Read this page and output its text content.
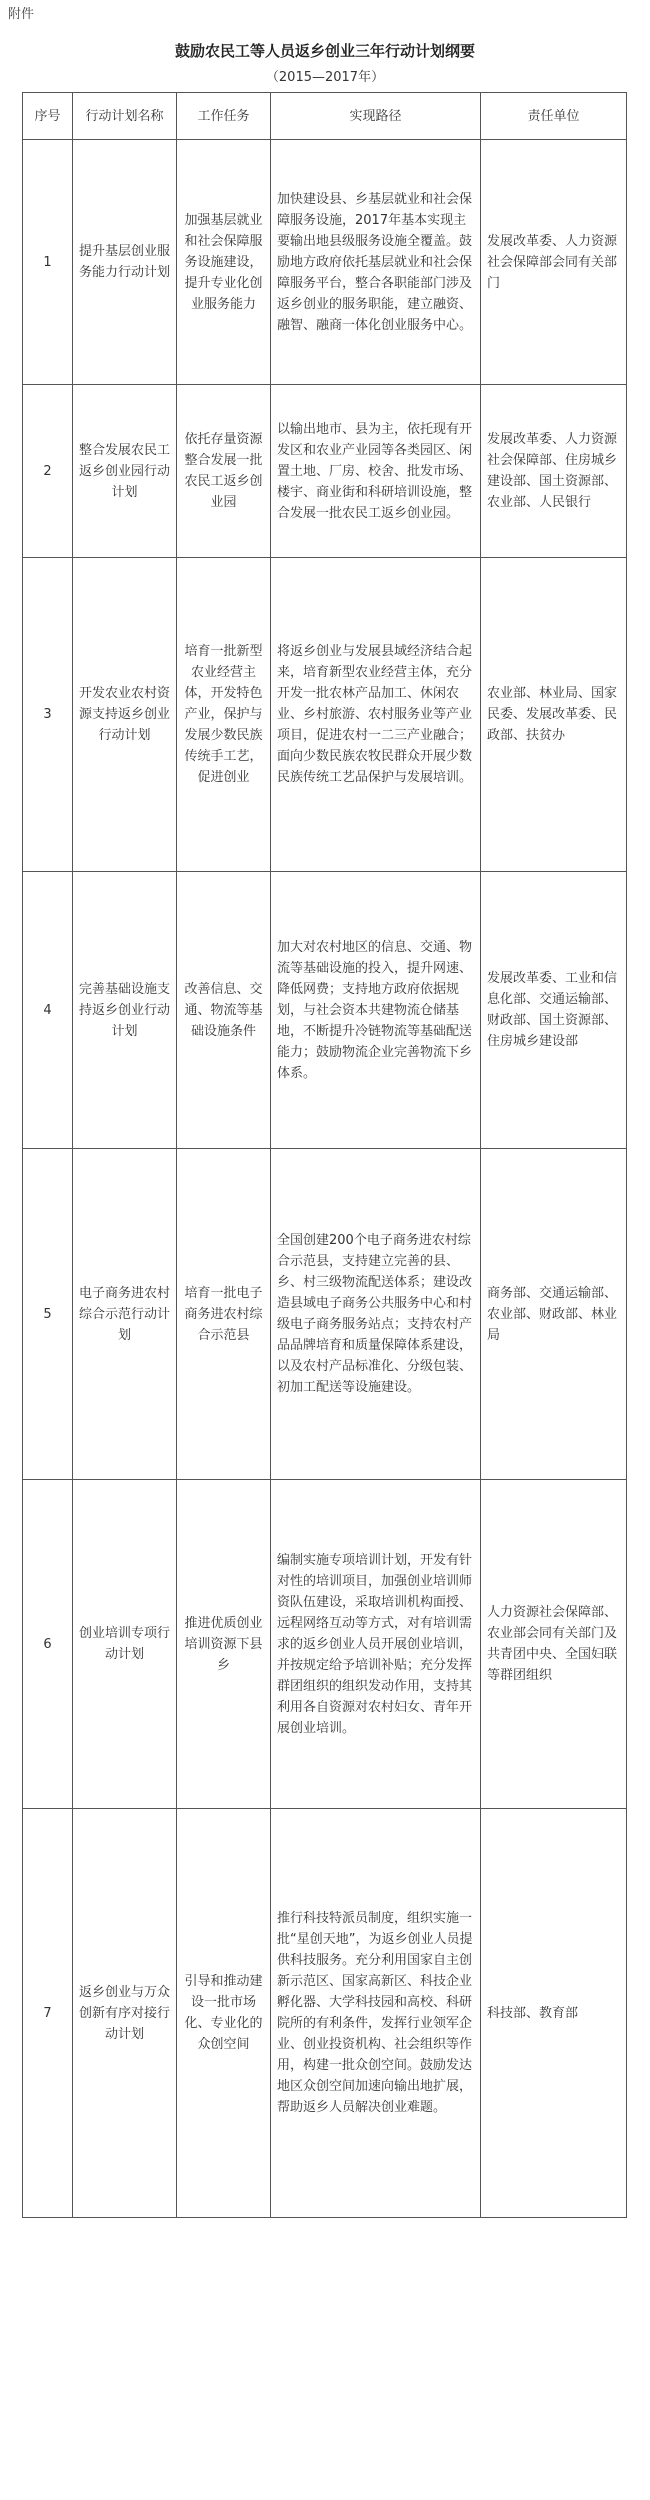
附件
鼓励农民工等人员返乡创业三年行动计划纲要
（2015—2017年）
序号	行动计划名称	工作任务	实现路径	责任单位
1	提升基层创业服务能力行动计划	加强基层就业和社会保障服务设施建设，提升专业化创业服务能力	加快建设县、乡基层就业和社会保障服务设施，2017年基本实现主要输出地县级服务设施全覆盖。鼓励地方政府依托基层就业和社会保障服务平台，整合各职能部门涉及返乡创业的服务职能，建立融资、融智、融商一体化创业服务中心。	发展改革委、人力资源社会保障部会同有关部门
2	整合发展农民工返乡创业园行动计划	依托存量资源整合发展一批农民工返乡创业园	以输出地市、县为主，依托现有开发区和农业产业园等各类园区、闲置土地、厂房、校舍、批发市场、楼宇、商业街和科研培训设施，整合发展一批农民工返乡创业园。	发展改革委、人力资源社会保障部、住房城乡建设部、国土资源部、农业部、人民银行
3	开发农业农村资源支持返乡创业行动计划	培育一批新型农业经营主体，开发特色产业，保护与发展少数民族传统手工艺，促进创业	将返乡创业与发展县域经济结合起来，培育新型农业经营主体，充分开发一批农林产品加工、休闲农业、乡村旅游、农村服务业等产业项目，促进农村一二三产业融合；面向少数民族农牧民群众开展少数民族传统工艺品保护与发展培训。	农业部、林业局、国家民委、发展改革委、民政部、扶贫办
4	完善基础设施支持返乡创业行动计划	改善信息、交通、物流等基础设施条件	加大对农村地区的信息、交通、物流等基础设施的投入，提升网速、降低网费；支持地方政府依据规划，与社会资本共建物流仓储基地，不断提升冷链物流等基础配送能力；鼓励物流企业完善物流下乡体系。	发展改革委、工业和信息化部、交通运输部、财政部、国土资源部、住房城乡建设部
5	电子商务进农村综合示范行动计划	培育一批电子商务进农村综合示范县	全国创建200个电子商务进农村综合示范县，支持建立完善的县、乡、村三级物流配送体系；建设改造县域电子商务公共服务中心和村级电子商务服务站点；支持农村产品品牌培育和质量保障体系建设，以及农村产品标准化、分级包装、初加工配送等设施建设。	商务部、交通运输部、农业部、财政部、林业局
6	创业培训专项行动计划	推进优质创业培训资源下县乡	编制实施专项培训计划，开发有针对性的培训项目，加强创业培训师资队伍建设，采取培训机构面授、远程网络互动等方式，对有培训需求的返乡创业人员开展创业培训，并按规定给予培训补贴；充分发挥群团组织的组织发动作用，支持其利用各自资源对农村妇女、青年开展创业培训。	人力资源社会保障部、农业部会同有关部门及共青团中央、全国妇联等群团组织
7	返乡创业与万众创新有序对接行动计划	引导和推动建设一批市场化、专业化的众创空间	推行科技特派员制度，组织实施一批“星创天地”，为返乡创业人员提供科技服务。充分利用国家自主创新示范区、国家高新区、科技企业孵化器、大学科技园和高校、科研院所的有利条件，发挥行业领军企业、创业投资机构、社会组织等作用，构建一批众创空间。鼓励发达地区众创空间加速向输出地扩展，帮助返乡人员解决创业难题。	科技部、教育部
